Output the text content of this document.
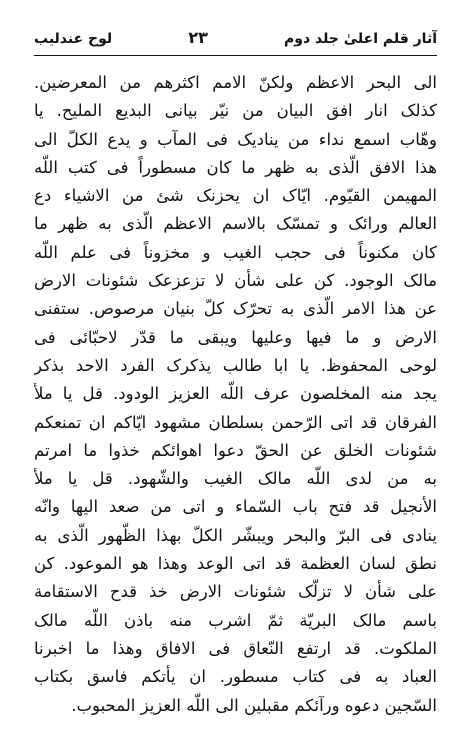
آثار قلم اعلیٰ جلد دوم
۲۳
لوح عندلیب
الی البحر الاعظم ولکنّ الامم اکثرهم من المعرضین.
کذلک انار افق البیان من نیّر بیانی البدیع الملیح. یا
وهّاب اسمع نداء من ینادیک فی المآب و یدع الکلّ الی
هذا الافق الّذی به ظهر ما کان مسطوراً فی کتب اللّه
المهیمن القیّوم. ایّاک ان یحزنک شئ من الاشیاء دع
العالم ورائک و تمسّک بالاسم الاعظم الّذی به ظهر ما
کان مکنوناً فی حجب الغیب و مخزوناً فی علم اللّه
مالک الوجود. کن علی شأن لا تزعزعک شئونات الارض
عن هذا الامر الّذی به تحرّک کلّ بنیان مرصوص. ستفنی
الارض و ما فیها وعلیها ویبقی ما قدّر لاحبّائی فی
لوحی المحفوظ. یا ابا طالب یذکرک الفرد الاحد بذکر
یجد منه المخلصون عرف اللّه العزیز الودود. قل یا ملأ
الفرقان قد اتی الرّحمن بسلطان مشهود ایّاکم ان تمنعکم
شئونات الخلق عن الحقّ دعوا اهوائکم خذوا ما امرتم
به من لدی اللّه مالک الغیب والشّهود. قل یا ملأ
الأنجیل قد فتح باب السّماء و اتی من صعد الیها وانّه
ینادی فی البرّ والبحر ویبشّر الکلّ بهذا الظّهور الّذی به
نطق لسان العظمة قد اتی الوعد وهذا هو الموعود. کن
علی شأن لا تزلّک شئونات الارض خذ قدح الاستقامة
باسم مالک البریّة ثمّ اشرب منه باذن اللّه مالک
الملکوت. قد ارتفع النّعاق فی الافاق وهذا ما اخبرنا
العباد به فی کتاب مسطور. ان یأتکم فاسق بکتاب
السّجین دعوه ورآئکم مقبلین الی اللّه العزیز المحبوب.
